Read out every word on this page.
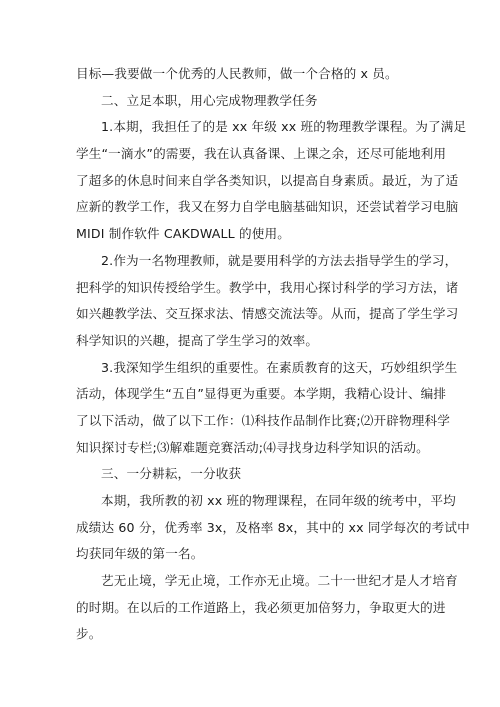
目标—我要做一个优秀的人民教师，做一个合格的 x 员。
二、立足本职，用心完成物理教学任务
1.本期，我担任了的是 xx 年级 xx 班的物理教学课程。为了满足
学生“一滴水”的需要，我在认真备课、上课之余，还尽可能地利用
了超多的休息时间来自学各类知识，以提高自身素质。最近，为了适
应新的教学工作，我又在努力自学电脑基础知识，还尝试着学习电脑
MIDI 制作软件 CAKDWALL 的使用。
2.作为一名物理教师，就是要用科学的方法去指导学生的学习，
把科学的知识传授给学生。教学中，我用心探讨科学的学习方法，诸
如兴趣教学法、交互探求法、情感交流法等。从而，提高了学生学习
科学知识的兴趣，提高了学生学习的效率。
3.我深知学生组织的重要性。在素质教育的这天，巧妙组织学生
活动，体现学生“五自”显得更为重要。本学期，我精心设计、编排
了以下活动，做了以下工作：⑴科技作品制作比赛;⑵开辟物理科学
知识探讨专栏;⑶解难题竞赛活动;⑷寻找身边科学知识的活动。
三、一分耕耘，一分收获
本期，我所教的初 xx 班的物理课程，在同年级的统考中，平均
成绩达 60 分，优秀率 3x，及格率 8x，其中的 xx 同学每次的考试中
均获同年级的第一名。
艺无止境，学无止境，工作亦无止境。二十一世纪才是人才培育
的时期。在以后的工作道路上，我必须更加倍努力，争取更大的进
步。
